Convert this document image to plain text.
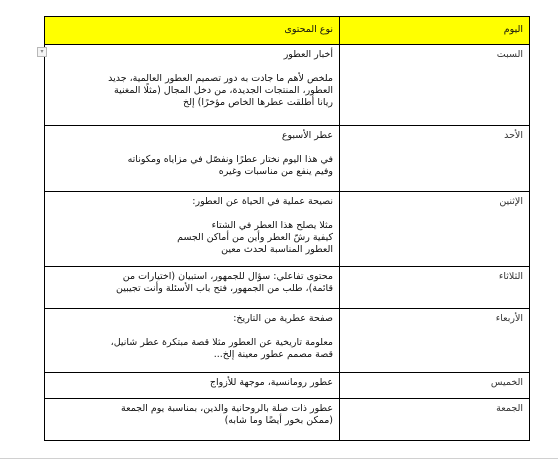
اليوم	نوع المحتوى
السبت	▾ أخبار العطور
ملخص لأهم ما جادت به دور تصميم العطور العالمية، جديد
العطور، المنتجات الجديدة، من دخل المجال (مثلًا المغنية
ريانا أطلقت عطرها الخاص مؤخرًا) إلخ

الأحد	عطر الأسبوع
في هذا اليوم نختار عطرًا ونفصّل في مزاياه ومكوناته
وفيم ينفع من مناسبات وغيره

الإثنين	نصيحة عملية في الحياة عن العطور:
مثلا يصلح هذا العطر في الشتاء
كيفية رشّ العطر وأين من أماكن الجسم
العطور المناسبة لحدث معين

الثلاثاء	محتوى تفاعلي: سؤال للجمهور، استبيان (اختيارات من
قائمة)، طلب من الجمهور، فتح باب الأسئلة وأنت تجيبين

الأربعاء	صفحة عطرية من التاريخ:
معلومة تاريخية عن العطور مثلا قصة مبتكرة عطر شانيل،
قصة مصمم عطور معينة إلخ...

الخميس	عطور رومانسية، موجهة للأزواج

الجمعة	عطور ذات صلة بالروحانية والدين، بمناسبة يوم الجمعة
(ممكن بخور أيضًا وما شابه)
